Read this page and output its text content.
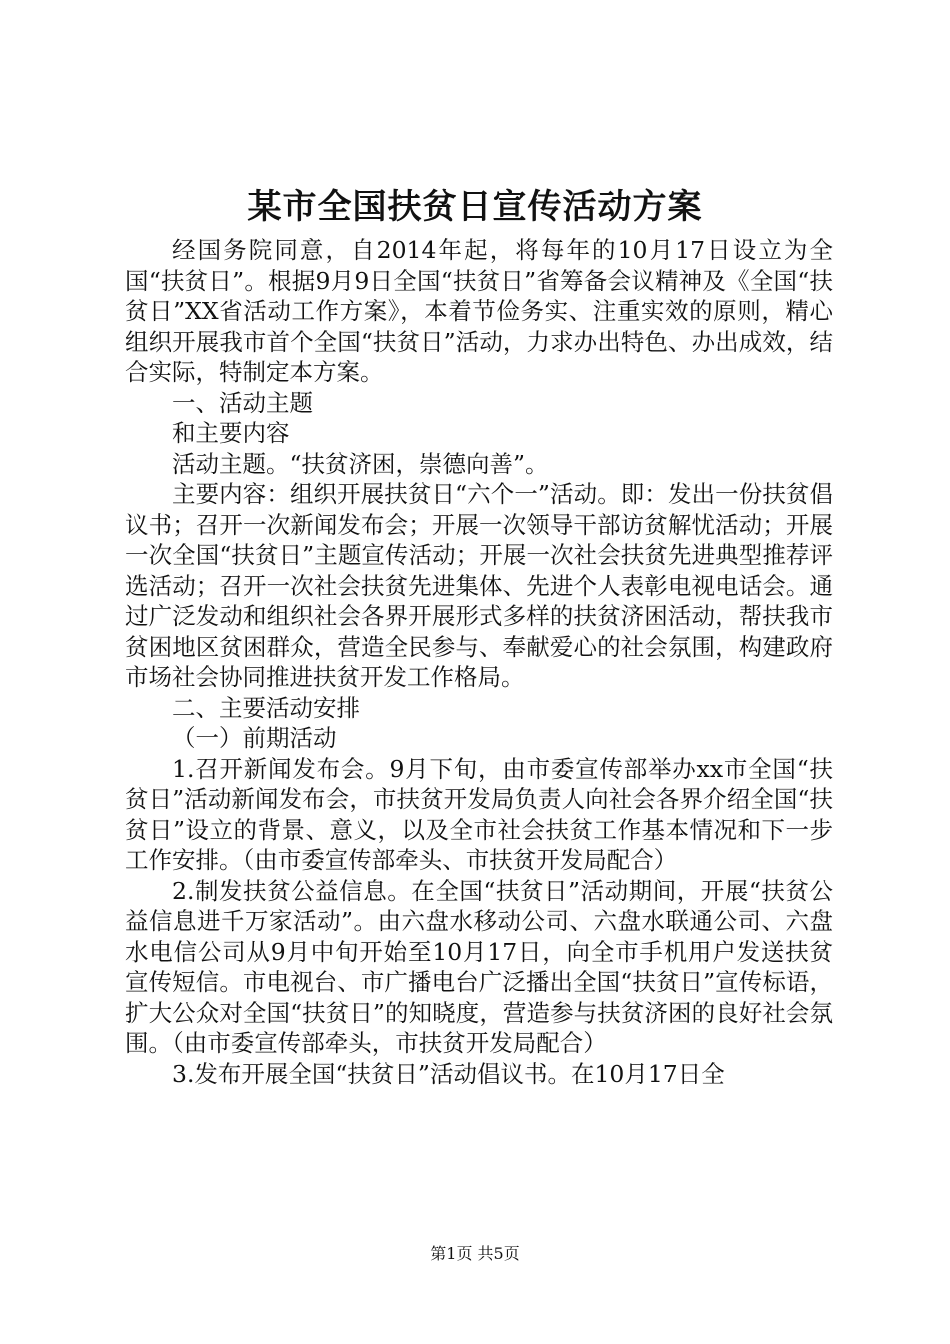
某市全国扶贫日宣传活动方案

经国务院同意，自2014年起，将每年的10月17日设立为全国“扶贫日”。根据9月9日全国“扶贫日”省筹备会议精神及《全国“扶贫日”XX省活动工作方案》，本着节俭务实、注重实效的原则，精心组织开展我市首个全国“扶贫日”活动，力求办出特色、办出成效，结合实际，特制定本方案。

一、活动主题

和主要内容

活动主题。“扶贫济困，崇德向善”。

主要内容：组织开展扶贫日“六个一”活动。即：发出一份扶贫倡议书；召开一次新闻发布会；开展一次领导干部访贫解忧活动；开展一次全国“扶贫日”主题宣传活动；开展一次社会扶贫先进典型推荐评选活动；召开一次社会扶贫先进集体、先进个人表彰电视电话会。通过广泛发动和组织社会各界开展形式多样的扶贫济困活动，帮扶我市贫困地区贫困群众，营造全民参与、奉献爱心的社会氛围，构建政府市场社会协同推进扶贫开发工作格局。

二、主要活动安排

（一）前期活动

1.召开新闻发布会。9月下旬，由市委宣传部举办xx市全国“扶贫日”活动新闻发布会，市扶贫开发局负责人向社会各界介绍全国“扶贫日”设立的背景、意义，以及全市社会扶贫工作基本情况和下一步工作安排。（由市委宣传部牵头、市扶贫开发局配合）

2.制发扶贫公益信息。在全国“扶贫日”活动期间，开展“扶贫公益信息进千万家活动”。由六盘水移动公司、六盘水联通公司、六盘水电信公司从9月中旬开始至10月17日，向全市手机用户发送扶贫宣传短信。市电视台、市广播电台广泛播出全国“扶贫日”宣传标语，扩大公众对全国“扶贫日”的知晓度，营造参与扶贫济困的良好社会氛围。（由市委宣传部牵头，市扶贫开发局配合）

3.发布开展全国“扶贫日”活动倡议书。在10月17日全

第1页 共5页
